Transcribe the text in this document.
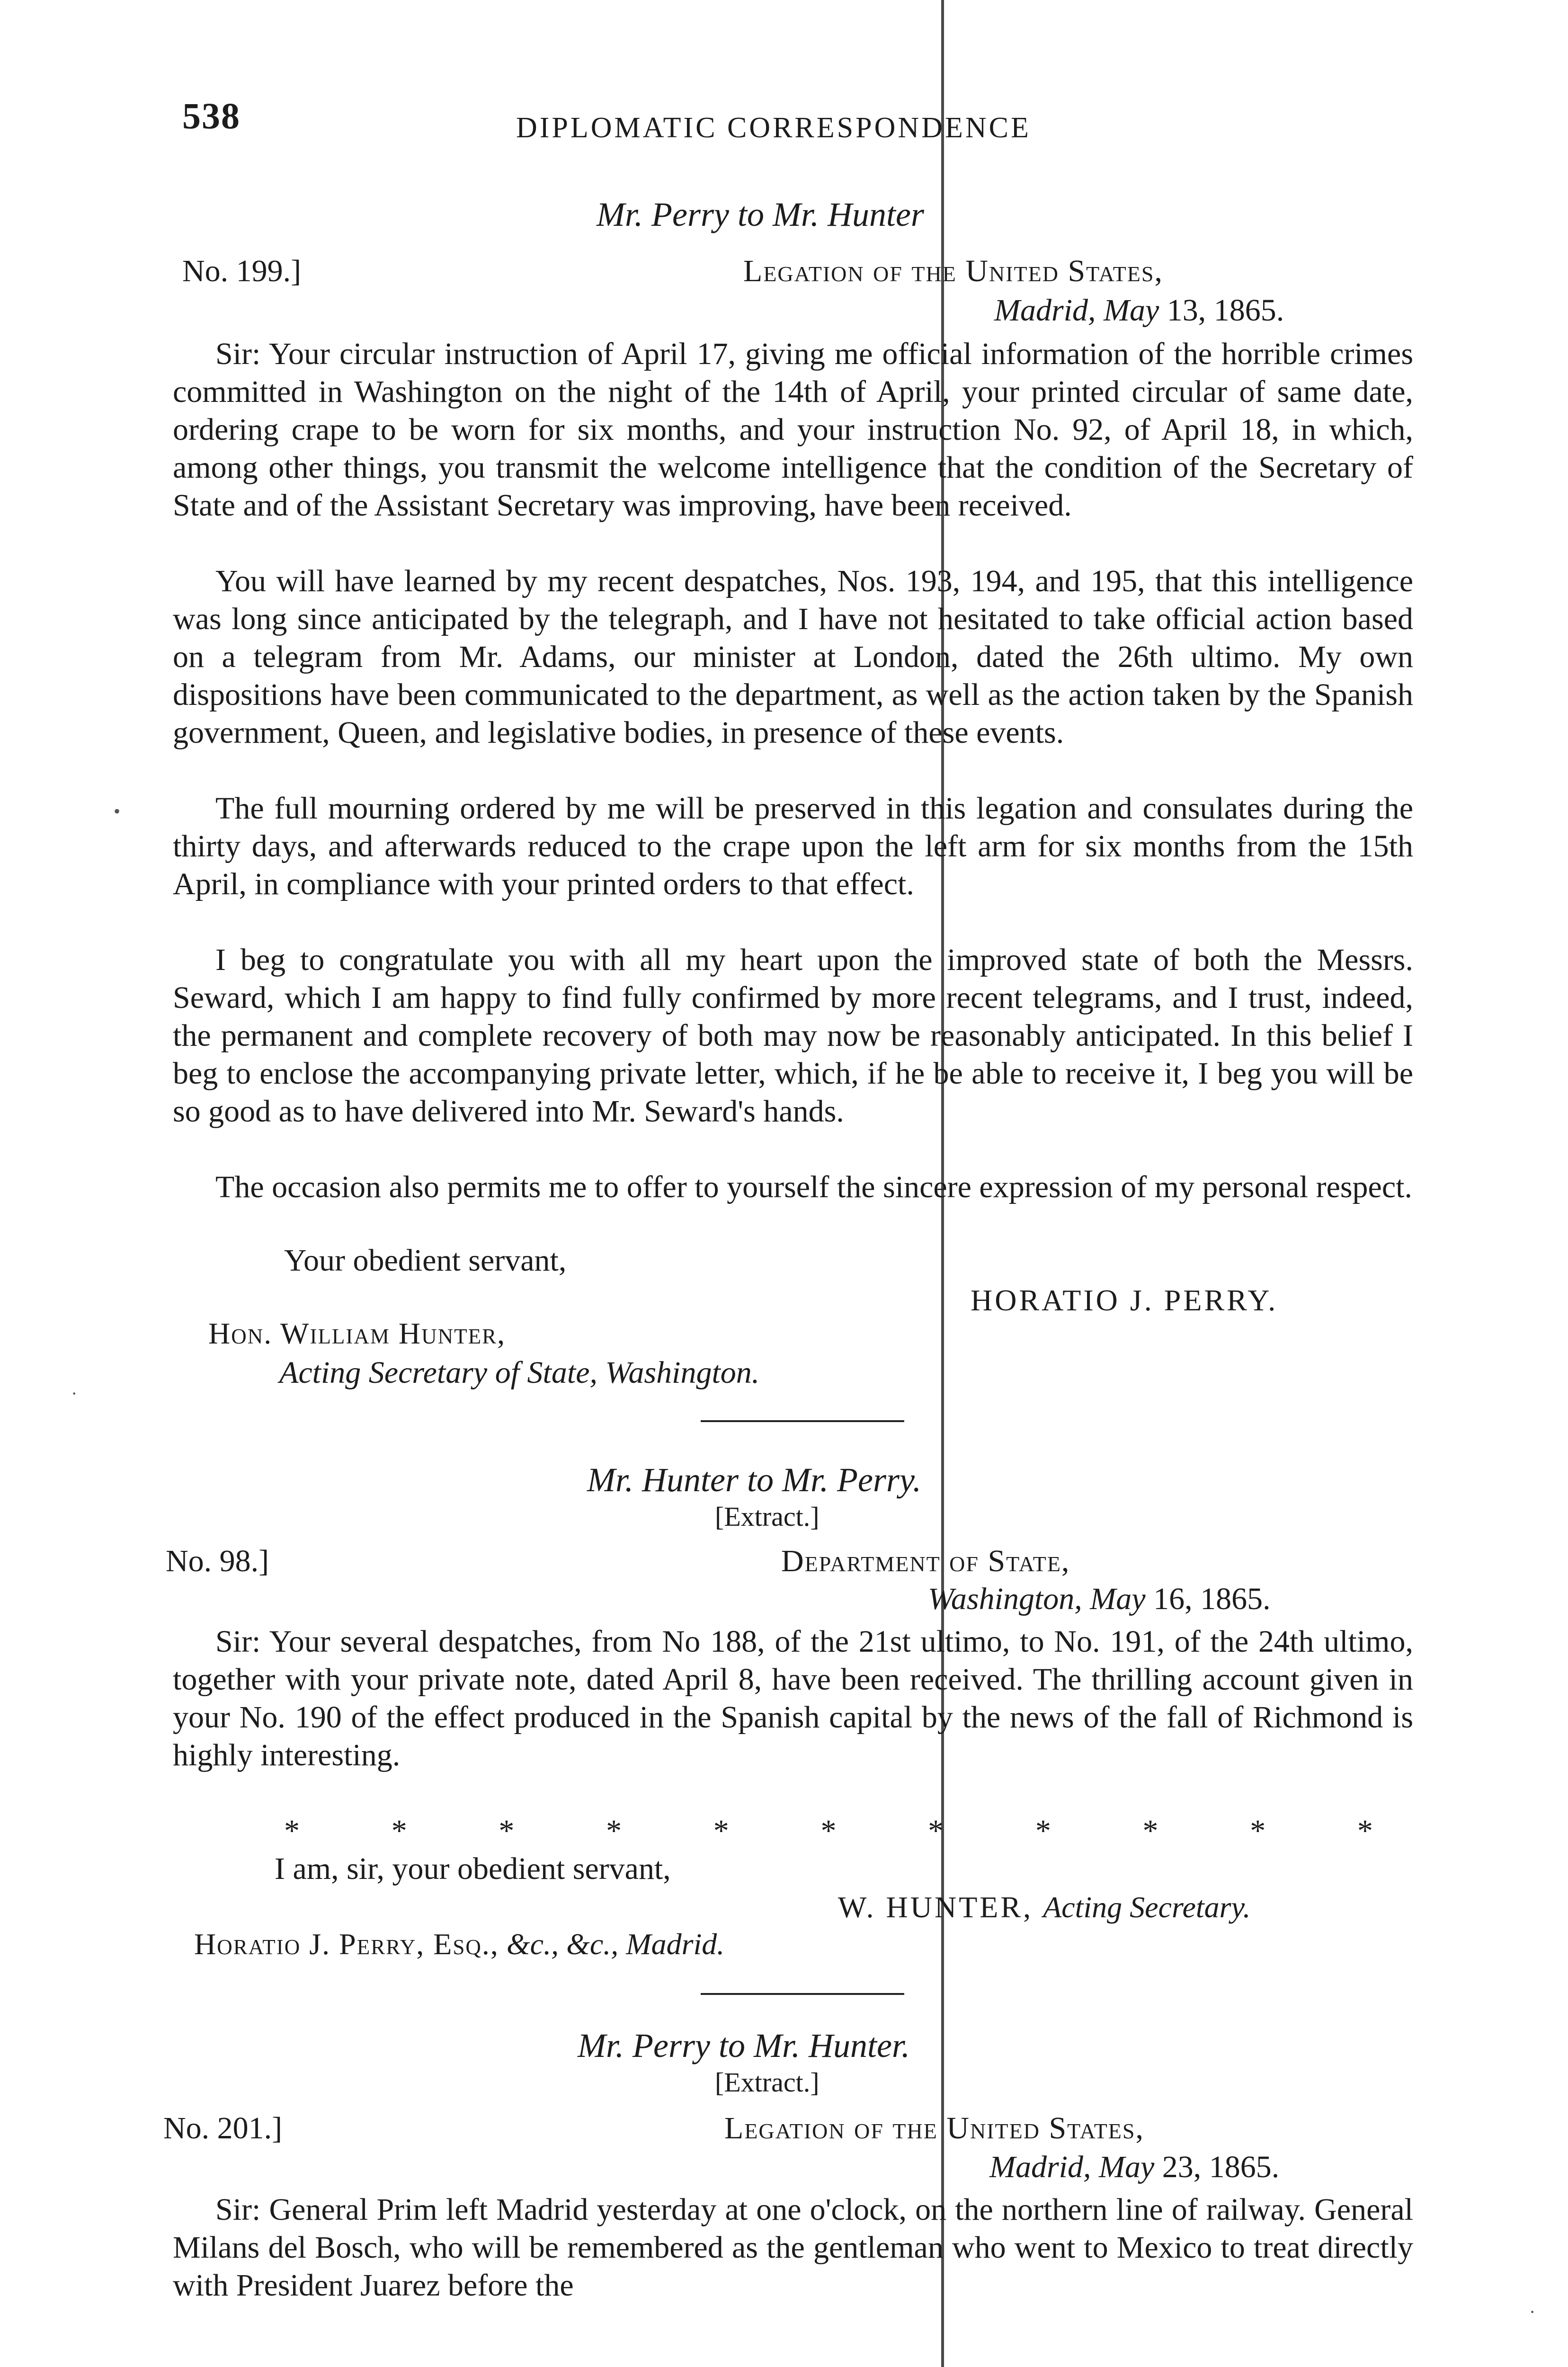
538	DIPLOMATIC CORRESPONDENCE
Mr. Perry to Mr. Hunter
No. 199.]	Legation of the United States,
Madrid, May 13, 1865.

Sir: Your circular instruction of April 17, giving me official information of the horrible crimes committed in Washington on the night of the 14th of April, your printed circular of same date, ordering crape to be worn for six months, and your instruction No. 92, of April 18, in which, among other things, you transmit the welcome intelligence that the condition of the Secretary of State and of the Assistant Secretary was improving, have been received.

You will have learned by my recent despatches, Nos. 193, 194, and 195, that this intelligence was long since anticipated by the telegraph, and I have not hesitated to take official action based on a telegram from Mr. Adams, our minister at London, dated the 26th ultimo. My own dispositions have been communicated to the department, as well as the action taken by the Spanish government, Queen, and legislative bodies, in presence of these events.

The full mourning ordered by me will be preserved in this legation and consulates during the thirty days, and afterwards reduced to the crape upon the left arm for six months from the 15th April, in compliance with your printed orders to that effect.

I beg to congratulate you with all my heart upon the improved state of both the Messrs. Seward, which I am happy to find fully confirmed by more recent telegrams, and I trust, indeed, the permanent and complete recovery of both may now be reasonably anticipated. In this belief I beg to enclose the accompanying private letter, which, if he be able to receive it, I beg you will be so good as to have delivered into Mr. Seward's hands.

The occasion also permits me to offer to yourself the sincere expression of my personal respect.

Your obedient servant,
HORATIO J. PERRY.
Hon. William Hunter,
Acting Secretary of State, Washington.
Mr. Hunter to Mr. Perry.
[Extract.]
No. 98.]	Department of State,
Washington, May 16, 1865.

Sir: Your several despatches, from No 188, of the 21st ultimo, to No. 191, of the 24th ultimo, together with your private note, dated April 8, have been received. The thrilling account given in your No. 190 of the effect produced in the Spanish capital by the news of the fall of Richmond is highly interesting.

*	*	*	*	*	*	*	*	*	*	*
I am, sir, your obedient servant,
W. HUNTER, Acting Secretary.
Horatio J. Perry, Esq., &c., &c., Madrid.
Mr. Perry to Mr. Hunter.
[Extract.]
No. 201.]	Legation of the United States,
Madrid, May 23, 1865.

Sir: General Prim left Madrid yesterday at one o'clock, on the northern line of railway. General Milans del Bosch, who will be remembered as the gentleman who went to Mexico to treat directly with President Juarez before the

·
•
·
